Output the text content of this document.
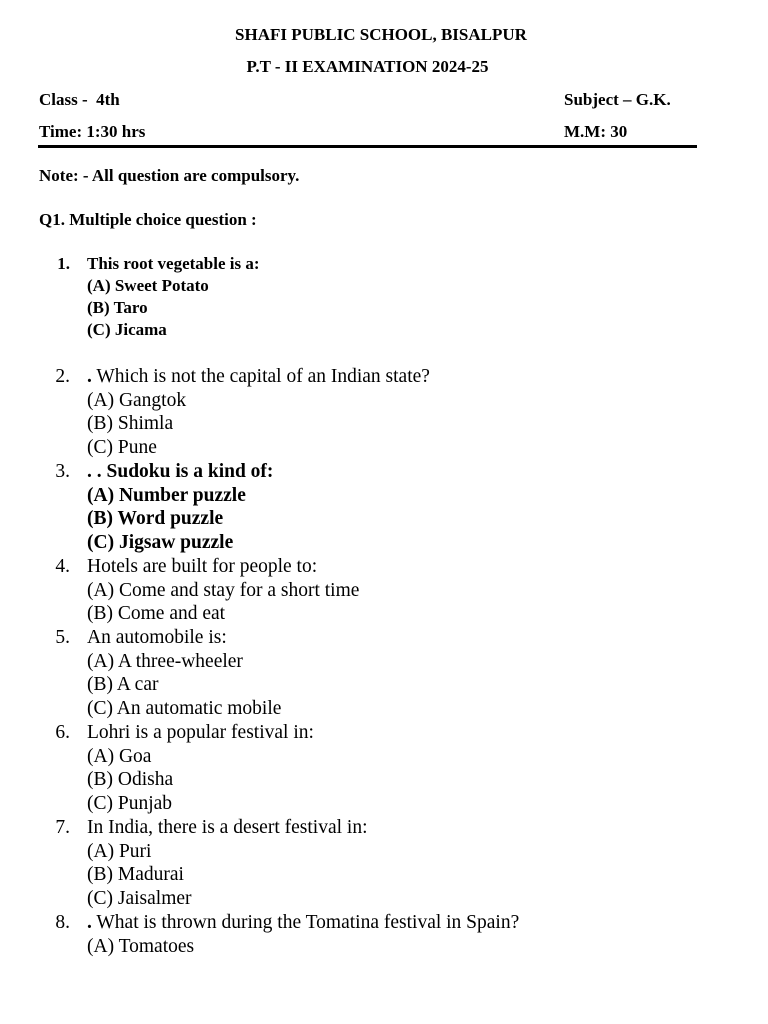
SHAFI PUBLIC SCHOOL, BISALPUR
P.T - II EXAMINATION 2024-25
Class -  4th	Subject – G.K.
Time: 1:30 hrs	M.M: 30
Note: - All question are compulsory.
Q1. Multiple choice question :
1. This root vegetable is a:
(A) Sweet Potato
(B) Taro
(C) Jicama
2. . Which is not the capital of an Indian state?
(A) Gangtok
(B) Shimla
(C) Pune
3. . . Sudoku is a kind of:
(A) Number puzzle
(B) Word puzzle
(C) Jigsaw puzzle
4. Hotels are built for people to:
(A) Come and stay for a short time
(B) Come and eat
5. An automobile is:
(A) A three-wheeler
(B) A car
(C) An automatic mobile
6. Lohri is a popular festival in:
(A) Goa
(B) Odisha
(C) Punjab
7. In India, there is a desert festival in:
(A) Puri
(B) Madurai
(C) Jaisalmer
8. . What is thrown during the Tomatina festival in Spain?
(A) Tomatoes
